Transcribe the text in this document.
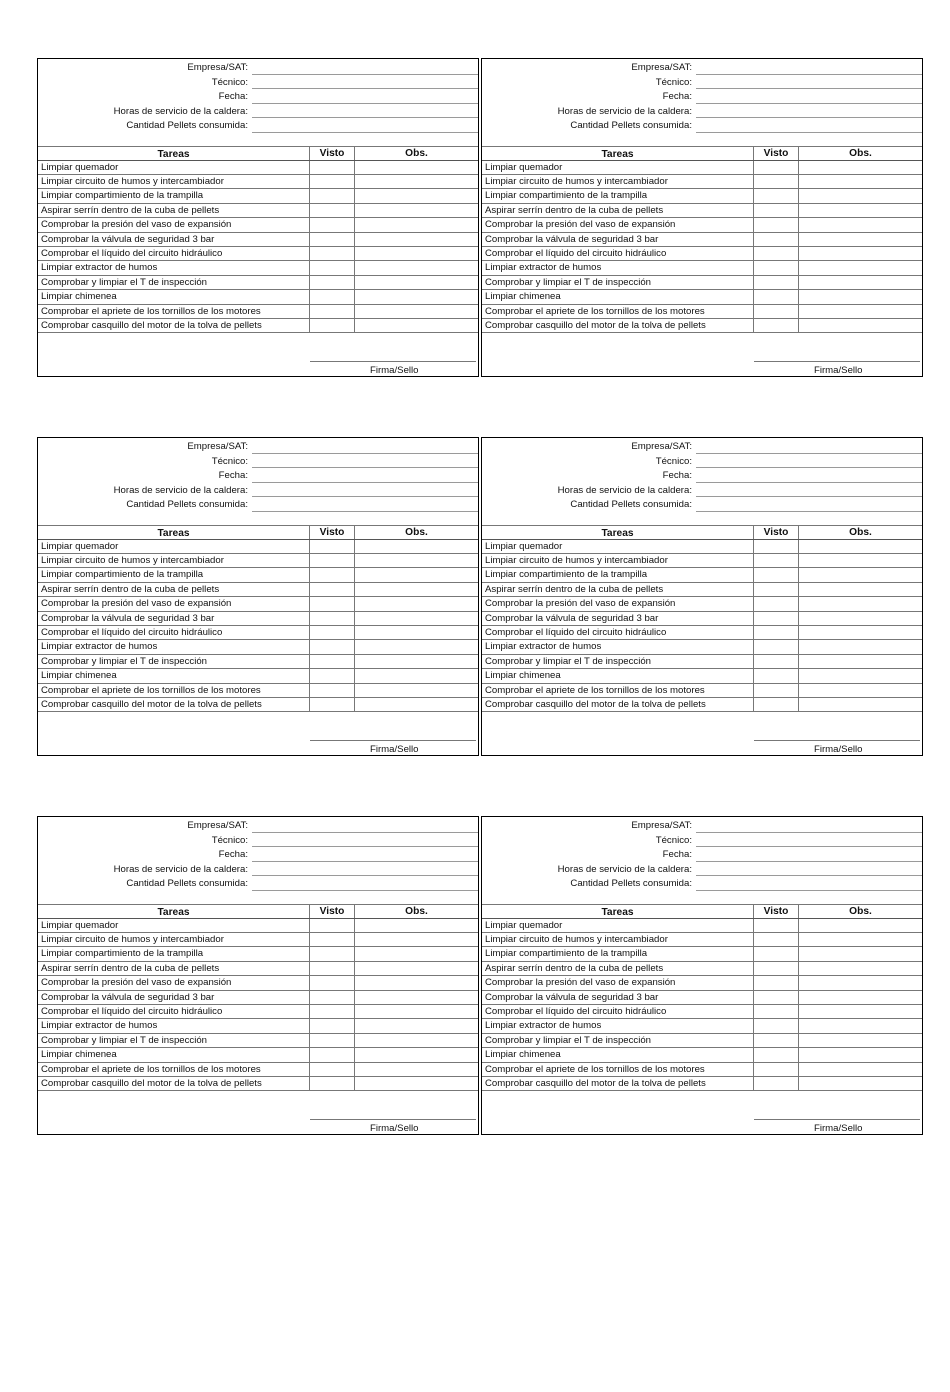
Empresa/SAT:
Técnico:
Fecha:
Horas de servicio de la caldera:
Cantidad Pellets consumida:
Tareas	Visto	Obs.
Limpiar quemador
Limpiar circuito de humos y intercambiador
Limpiar compartimiento de la trampilla
Aspirar serrín dentro de la cuba de pellets
Comprobar la presión del vaso de expansión
Comprobar la válvula de seguridad 3 bar
Comprobar el líquido del circuito hidráulico
Limpiar extractor de humos
Comprobar y limpiar el T de inspección
Limpiar chimenea
Comprobar el apriete de los tornillos de los motores
Comprobar casquillo del motor de la tolva de pellets
Firma/Sello
Empresa/SAT:
Técnico:
Fecha:
Horas de servicio de la caldera:
Cantidad Pellets consumida:
Tareas	Visto	Obs.
Limpiar quemador
Limpiar circuito de humos y intercambiador
Limpiar compartimiento de la trampilla
Aspirar serrín dentro de la cuba de pellets
Comprobar la presión del vaso de expansión
Comprobar la válvula de seguridad 3 bar
Comprobar el líquido del circuito hidráulico
Limpiar extractor de humos
Comprobar y limpiar el T de inspección
Limpiar chimenea
Comprobar el apriete de los tornillos de los motores
Comprobar casquillo del motor de la tolva de pellets
Firma/Sello
Empresa/SAT:
Técnico:
Fecha:
Horas de servicio de la caldera:
Cantidad Pellets consumida:
Tareas	Visto	Obs.
Limpiar quemador
Limpiar circuito de humos y intercambiador
Limpiar compartimiento de la trampilla
Aspirar serrín dentro de la cuba de pellets
Comprobar la presión del vaso de expansión
Comprobar la válvula de seguridad 3 bar
Comprobar el líquido del circuito hidráulico
Limpiar extractor de humos
Comprobar y limpiar el T de inspección
Limpiar chimenea
Comprobar el apriete de los tornillos de los motores
Comprobar casquillo del motor de la tolva de pellets
Firma/Sello
Empresa/SAT:
Técnico:
Fecha:
Horas de servicio de la caldera:
Cantidad Pellets consumida:
Tareas	Visto	Obs.
Limpiar quemador
Limpiar circuito de humos y intercambiador
Limpiar compartimiento de la trampilla
Aspirar serrín dentro de la cuba de pellets
Comprobar la presión del vaso de expansión
Comprobar la válvula de seguridad 3 bar
Comprobar el líquido del circuito hidráulico
Limpiar extractor de humos
Comprobar y limpiar el T de inspección
Limpiar chimenea
Comprobar el apriete de los tornillos de los motores
Comprobar casquillo del motor de la tolva de pellets
Firma/Sello
Empresa/SAT:
Técnico:
Fecha:
Horas de servicio de la caldera:
Cantidad Pellets consumida:
Tareas	Visto	Obs.
Limpiar quemador
Limpiar circuito de humos y intercambiador
Limpiar compartimiento de la trampilla
Aspirar serrín dentro de la cuba de pellets
Comprobar la presión del vaso de expansión
Comprobar la válvula de seguridad 3 bar
Comprobar el líquido del circuito hidráulico
Limpiar extractor de humos
Comprobar y limpiar el T de inspección
Limpiar chimenea
Comprobar el apriete de los tornillos de los motores
Comprobar casquillo del motor de la tolva de pellets
Firma/Sello
Empresa/SAT:
Técnico:
Fecha:
Horas de servicio de la caldera:
Cantidad Pellets consumida:
Tareas	Visto	Obs.
Limpiar quemador
Limpiar circuito de humos y intercambiador
Limpiar compartimiento de la trampilla
Aspirar serrín dentro de la cuba de pellets
Comprobar la presión del vaso de expansión
Comprobar la válvula de seguridad 3 bar
Comprobar el líquido del circuito hidráulico
Limpiar extractor de humos
Comprobar y limpiar el T de inspección
Limpiar chimenea
Comprobar el apriete de los tornillos de los motores
Comprobar casquillo del motor de la tolva de pellets
Firma/Sello
